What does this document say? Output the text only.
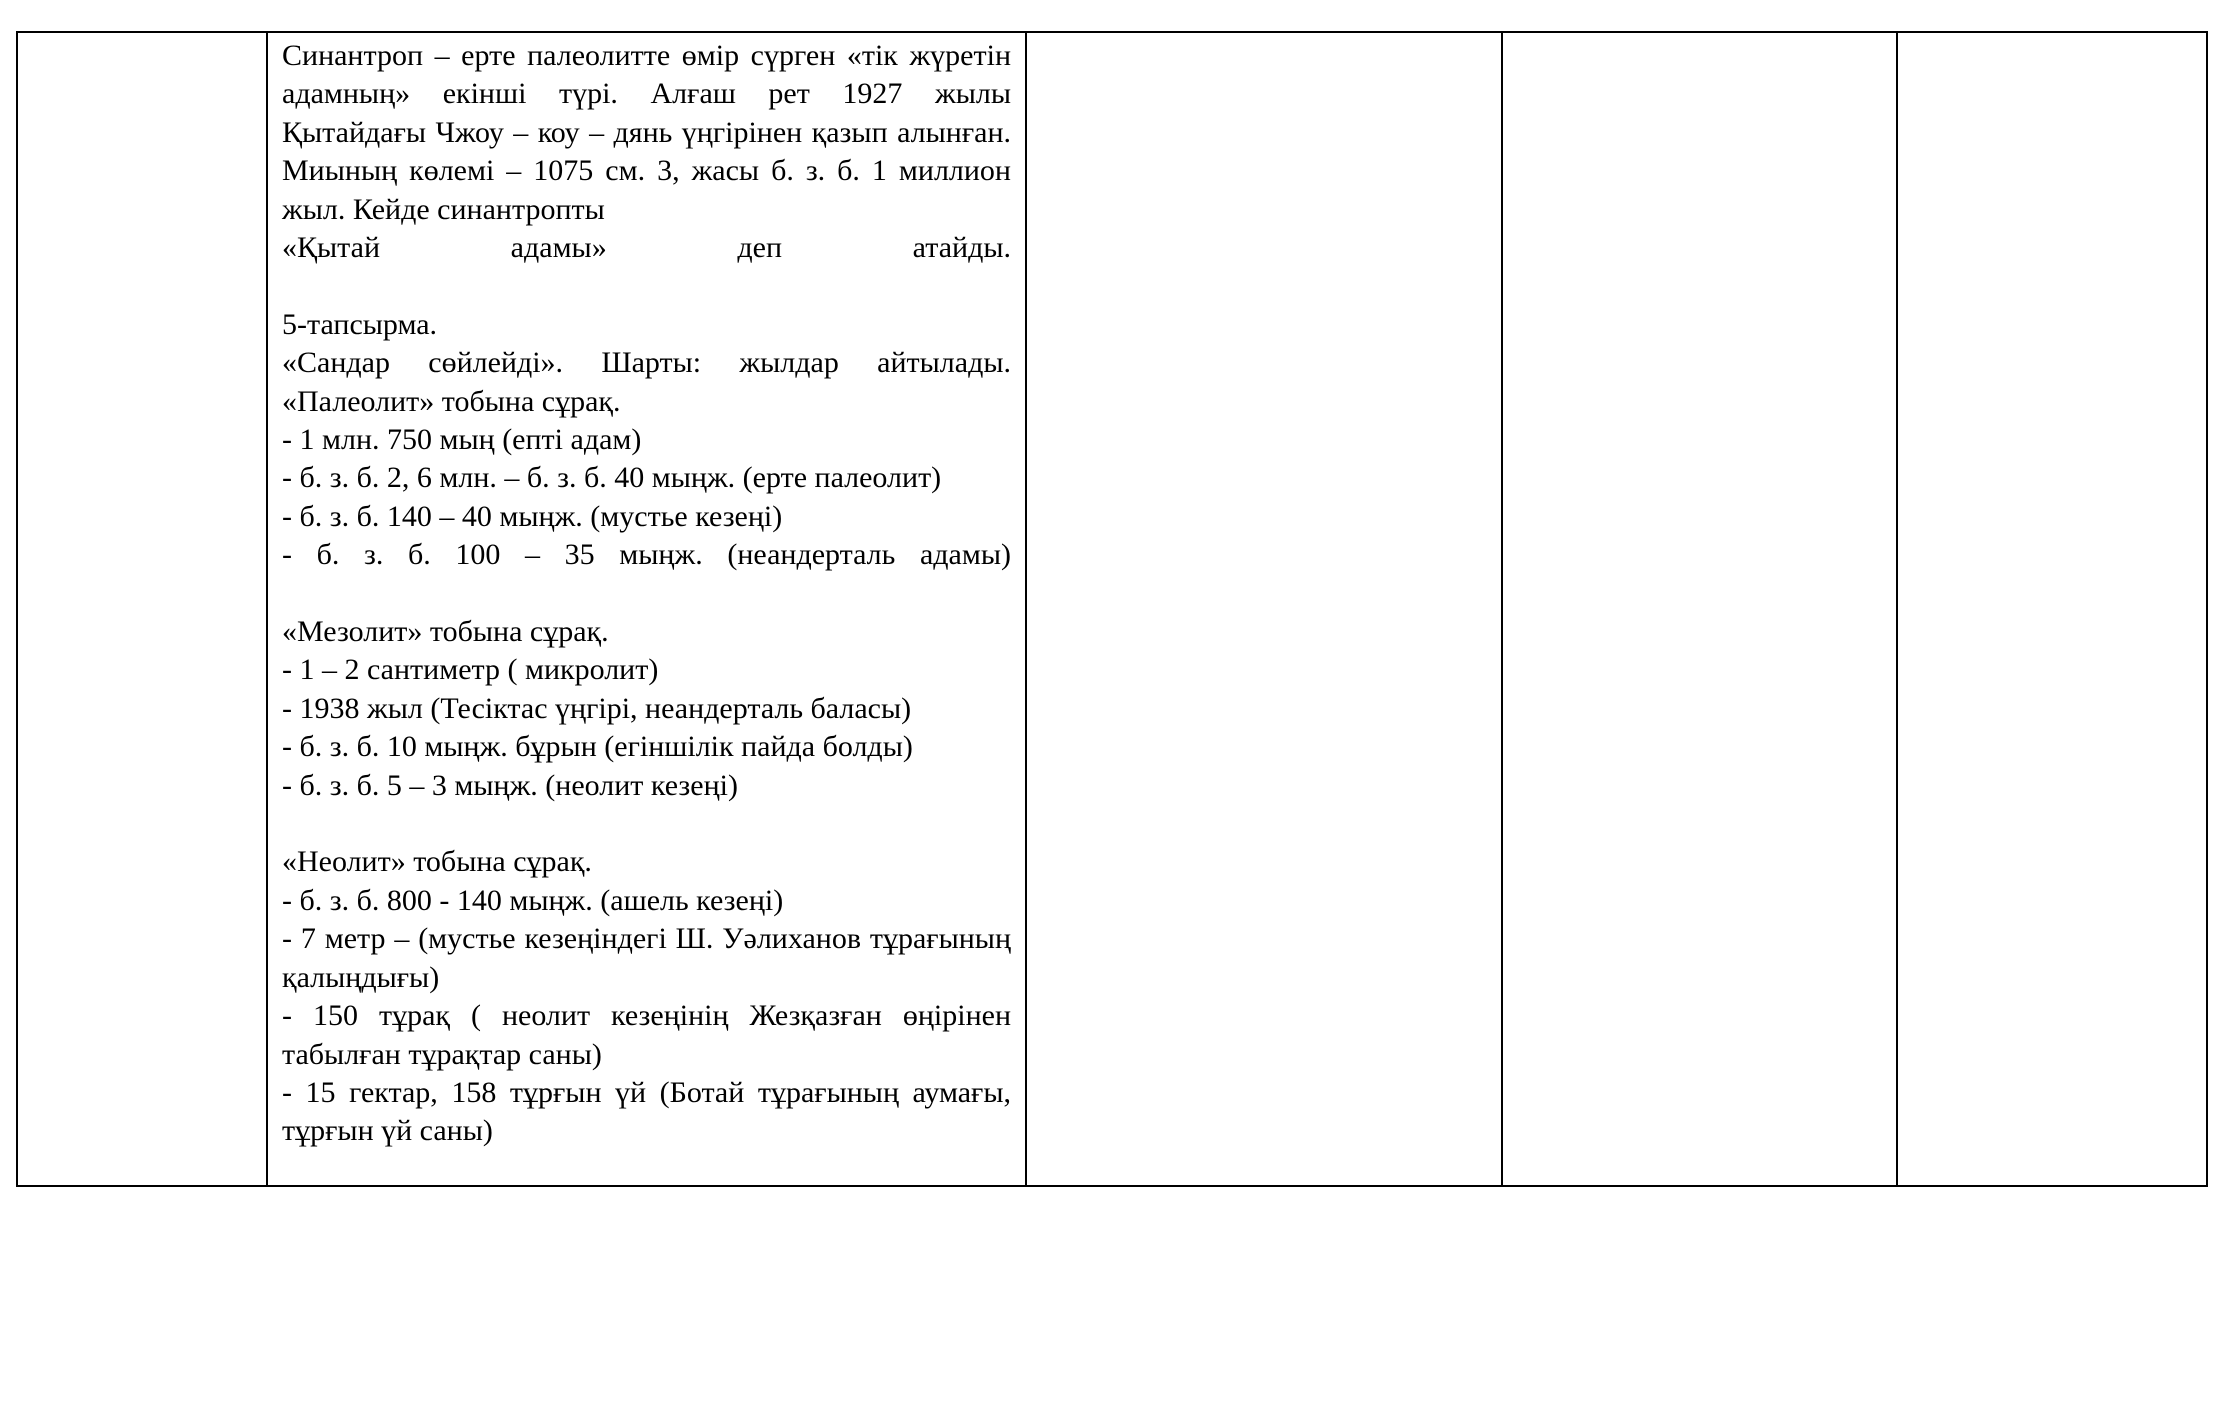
Синантроп – ерте палеолитте өмір сүрген «тік жүретін адамның» екінші түрі. Алғаш рет 1927 жылы Қытайдағы Чжоу – коу – дянь үңгірінен қазып алынған. Миының көлемі – 1075 см. 3, жасы б. з. б. 1 миллион жыл. Кейде синантропты

«Қытай адамы» деп атайды.

5-тапсырма.

«Сандар сөйлейді». Шарты: жылдар айтылады.

«Палеолит» тобына сұрақ.

- 1 млн. 750 мың (епті адам)

- б. з. б. 2, 6 млн. – б. з. б. 40 мыңж. (ерте палеолит)

- б. з. б. 140 – 40 мыңж. (мустье кезеңі)

- б. з. б. 100 – 35 мыңж. (неандерталь адамы)

«Мезолит» тобына сұрақ.

- 1 – 2 сантиметр ( микролит)

- 1938 жыл (Тесіктас үңгірі, неандерталь баласы)

- б. з. б. 10 мыңж. бұрын (егіншілік пайда болды)

- б. з. б. 5 – 3 мыңж. (неолит кезеңі)

«Неолит» тобына сұрақ.

- б. з. б. 800 - 140 мыңж. (ашель кезеңі)

- 7 метр – (мустье кезеңіндегі Ш. Уәлиханов тұрағының қалыңдығы)

- 150 тұрақ ( неолит кезеңінің Жезқазған өңірінен табылған тұрақтар саны)

- 15 гектар, 158 тұрғын үй (Ботай тұрағының аумағы, тұрғын үй саны)
